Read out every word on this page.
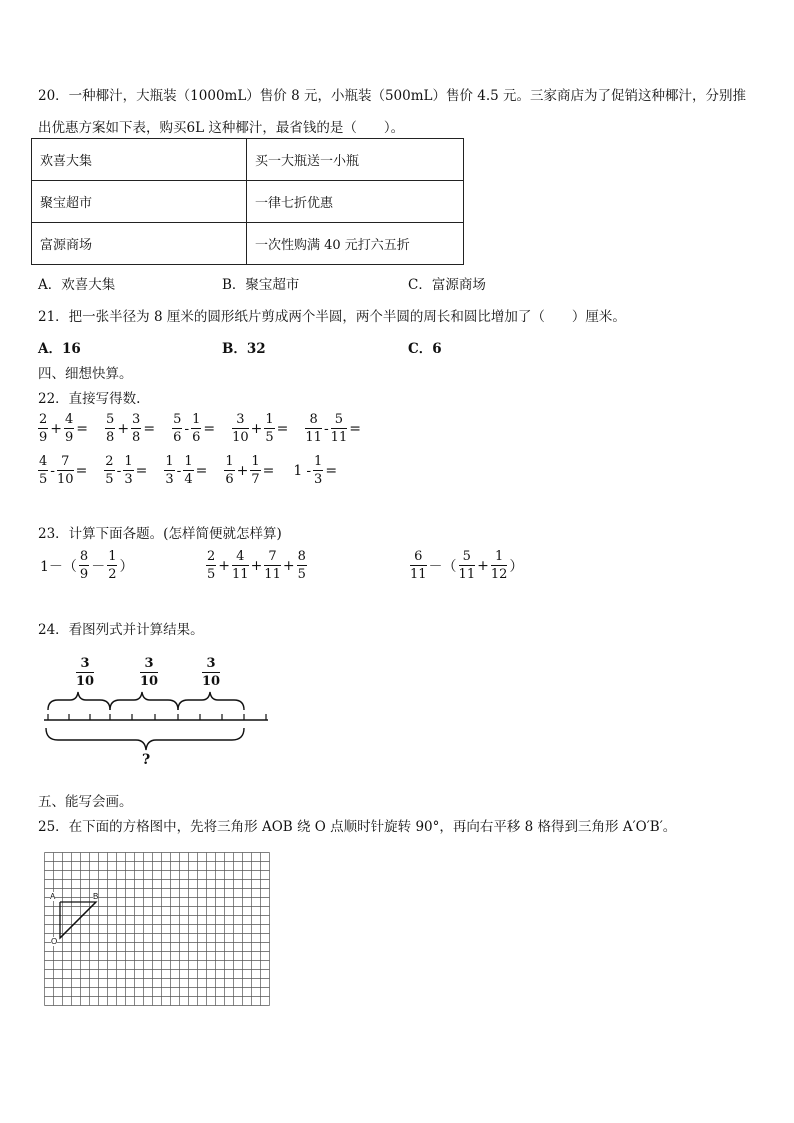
20．一种椰汁，大瓶装（1000mL）售价 8 元，小瓶装（500mL）售价 4.5 元。三家商店为了促销这种椰汁，分别推
出优惠方案如下表，购买6L 这种椰汁，最省钱的是（　　）。
欢喜大集	买一大瓶送一小瓶
聚宝超市	一律七折优惠
富源商场	一次性购满 40 元打六五折
A．欢喜大集	B．聚宝超市	C．富源商场
21．把一张半径为 8 厘米的圆形纸片剪成两个半圆，两个半圆的周长和圆比增加了（　　）厘米。
A．16	B．32	C．6
四、细想快算。
22．直接写得数.
$\frac{2}{9} + \frac{4}{9} = \frac{5}{8} + \frac{3}{8} = \frac{5}{6} - \frac{1}{6} = \frac{3}{10} + \frac{1}{5} = \frac{8}{11} - \frac{5}{11}$ =
$\frac{4}{5} - \frac{7}{10} = \frac{2}{5} - \frac{1}{3} = \frac{1}{3} - \frac{1}{4} = \frac{1}{6} + \frac{1}{7} = 1 - \frac{1}{3}$ =
23．计算下面各题。(怎样简便就怎样算)
$1-( \frac{8}{9} - \frac{1}{2}$ ）	$\frac{2}{5} + \frac{4}{11} + \frac{7}{11} + \frac{8}{5}$	$\frac{6}{11}$ －（ $\frac{5}{11} + \frac{1}{12}$ ）
24．看图列式并计算结果。
$\frac{3}{10}$	$\frac{3}{10}$	$\frac{3}{10}$
?
五、能写会画。
25．在下面的方格图中，先将三角形 AOB 绕 O 点顺时针旋转 90°，再向右平移 8 格得到三角形 A′O′B′。
A	B
O
